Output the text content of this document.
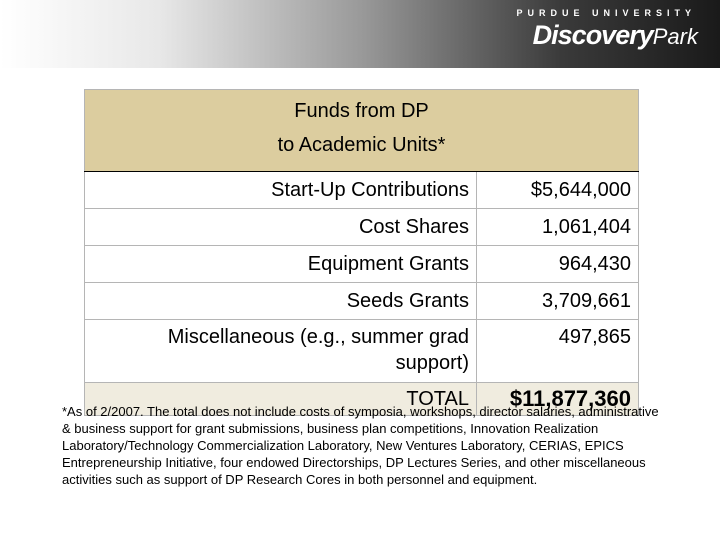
PURDUE UNIVERSITY
DiscoveryPark
Funds from DP
to Academic Units*	

Start-Up Contributions	$5,644,000
Cost Shares	1,061,404
Equipment Grants	964,430
Seeds Grants	3,709,661

Miscellaneous (e.g., summer grad
support)	497,865
TOTAL	$11,877,360
*As of 2/2007. The total does not include costs of symposia, workshops, director salaries, administrative & business support for grant submissions, business plan competitions, Innovation Realization Laboratory/Technology Commercialization Laboratory, New Ventures Laboratory, CERIAS, EPICS Entrepreneurship Initiative, four endowed Directorships, DP Lectures Series, and other miscellaneous activities such as support of DP Research Cores in both personnel and equipment.
